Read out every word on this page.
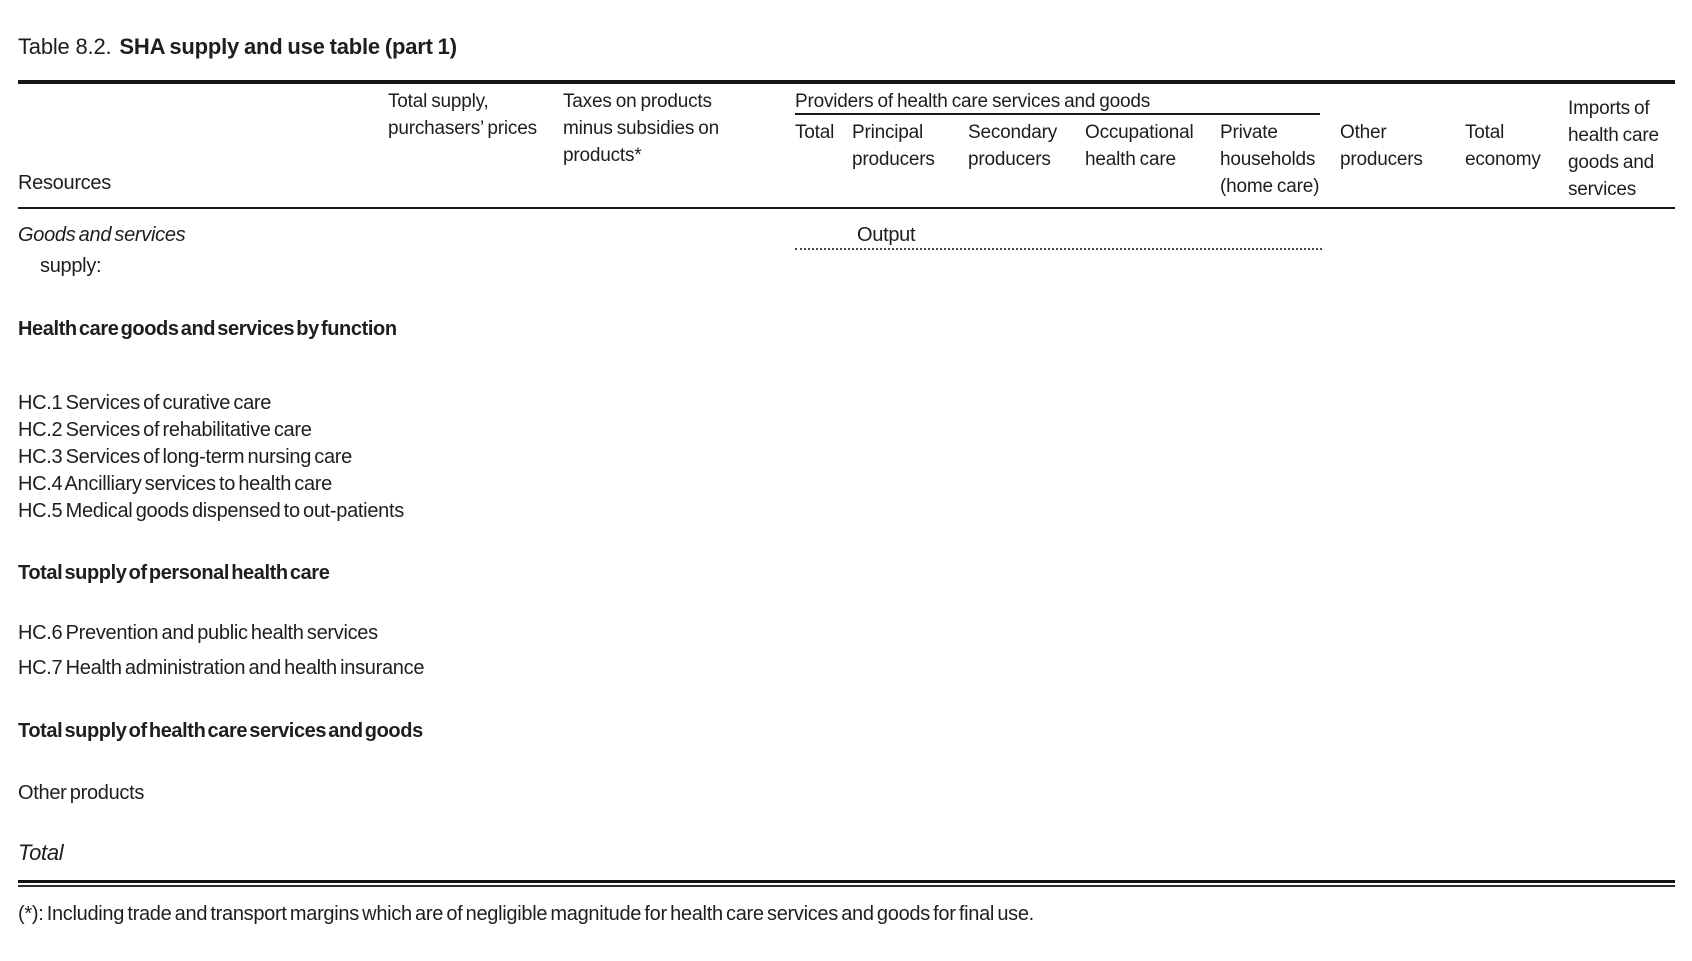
Table 8.2. SHA supply and use table (part 1)
Total supply, purchasers’ prices
Taxes on products minus subsidies on products*
Providers of health care services and goods
Total Principal producers
Secondary producers
Occupational health care
Private households (home care)
Other producers
Total economy
Imports of health care goods and services
Resources
Goods and services
supply:
Output
Health care goods and services by function
HC.1 Services of curative care
HC.2 Services of rehabilitative care
HC.3 Services of long-term nursing care
HC.4 Ancilliary services to health care
HC.5 Medical goods dispensed to out-patients
Total supply of personal health care
HC.6 Prevention and public health services
HC.7 Health administration and health insurance
Total supply of health care services and goods
Other products
Total
(*): Including trade and transport margins which are of negligible magnitude for health care services and goods for final use.
